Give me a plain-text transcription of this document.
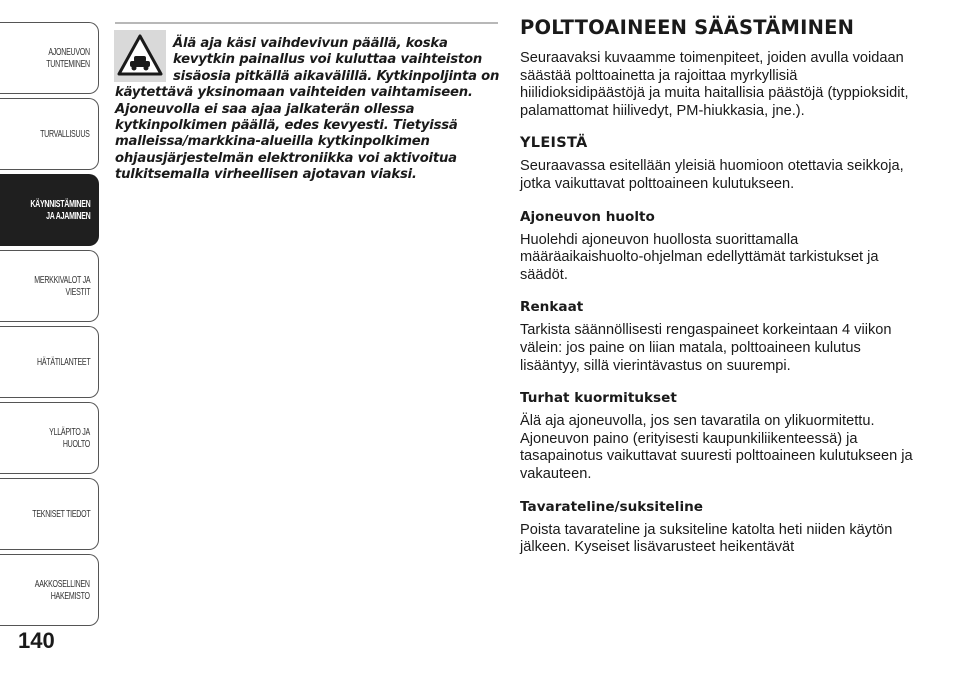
AJONEUVON
TUNTEMINEN
TURVALLISUUS
KÄYNNISTÄMINEN
JA AJAMINEN
MERKKIVALOT JA
VIESTIT
HÄTÄTILANTEET
YLLÄPITO JA HUOLTO
TEKNISET TIEDOT
AAKKOSELLINEN
HAKEMISTO
140

Älä aja käsi vaihdevivun päällä, koska kevytkin painallus voi kuluttaa vaihteiston sisäosia pitkällä aikavälillä. Kytkinpoljinta on käytettävä yksinomaan vaihteiden vaihtamiseen. Ajoneuvolla ei saa ajaa jalkaterän ollessa kytkinpolkimen päällä, edes kevyesti. Tietyissä malleissa/markkina-alueilla kytkinpolkimen ohjausjärjestelmän elektroniikka voi aktivoitua tulkitsemalla virheellisen ajotavan viaksi.

POLTTOAINEEN SÄÄSTÄMINEN

Seuraavaksi kuvaamme toimenpiteet, joiden avulla voidaan säästää polttoainetta ja rajoittaa myrkyllisiä hiilidioksidipäästöjä ja muita haitallisia päästöjä (typpioksidit, palamattomat hiilivedyt, PM-hiukkasia, jne.).

YLEISTÄ

Seuraavassa esitellään yleisiä huomioon otettavia seikkoja, jotka vaikuttavat polttoaineen kulutukseen.

Ajoneuvon huolto

Huolehdi ajoneuvon huollosta suorittamalla määräaikaishuolto-ohjelman edellyttämät tarkistukset ja säädöt.

Renkaat

Tarkista säännöllisesti rengaspaineet korkeintaan 4 viikon välein: jos paine on liian matala, polttoaineen kulutus lisääntyy, sillä vierintävastus on suurempi.

Turhat kuormitukset

Älä aja ajoneuvolla, jos sen tavaratila on ylikuormitettu. Ajoneuvon paino (erityisesti kaupunkiliikenteessä) ja tasapainotus vaikuttavat suuresti polttoaineen kulutukseen ja vakauteen.

Tavarateline/suksiteline

Poista tavarateline ja suksiteline katolta heti niiden käytön jälkeen. Kyseiset lisävarusteet heikentävät
